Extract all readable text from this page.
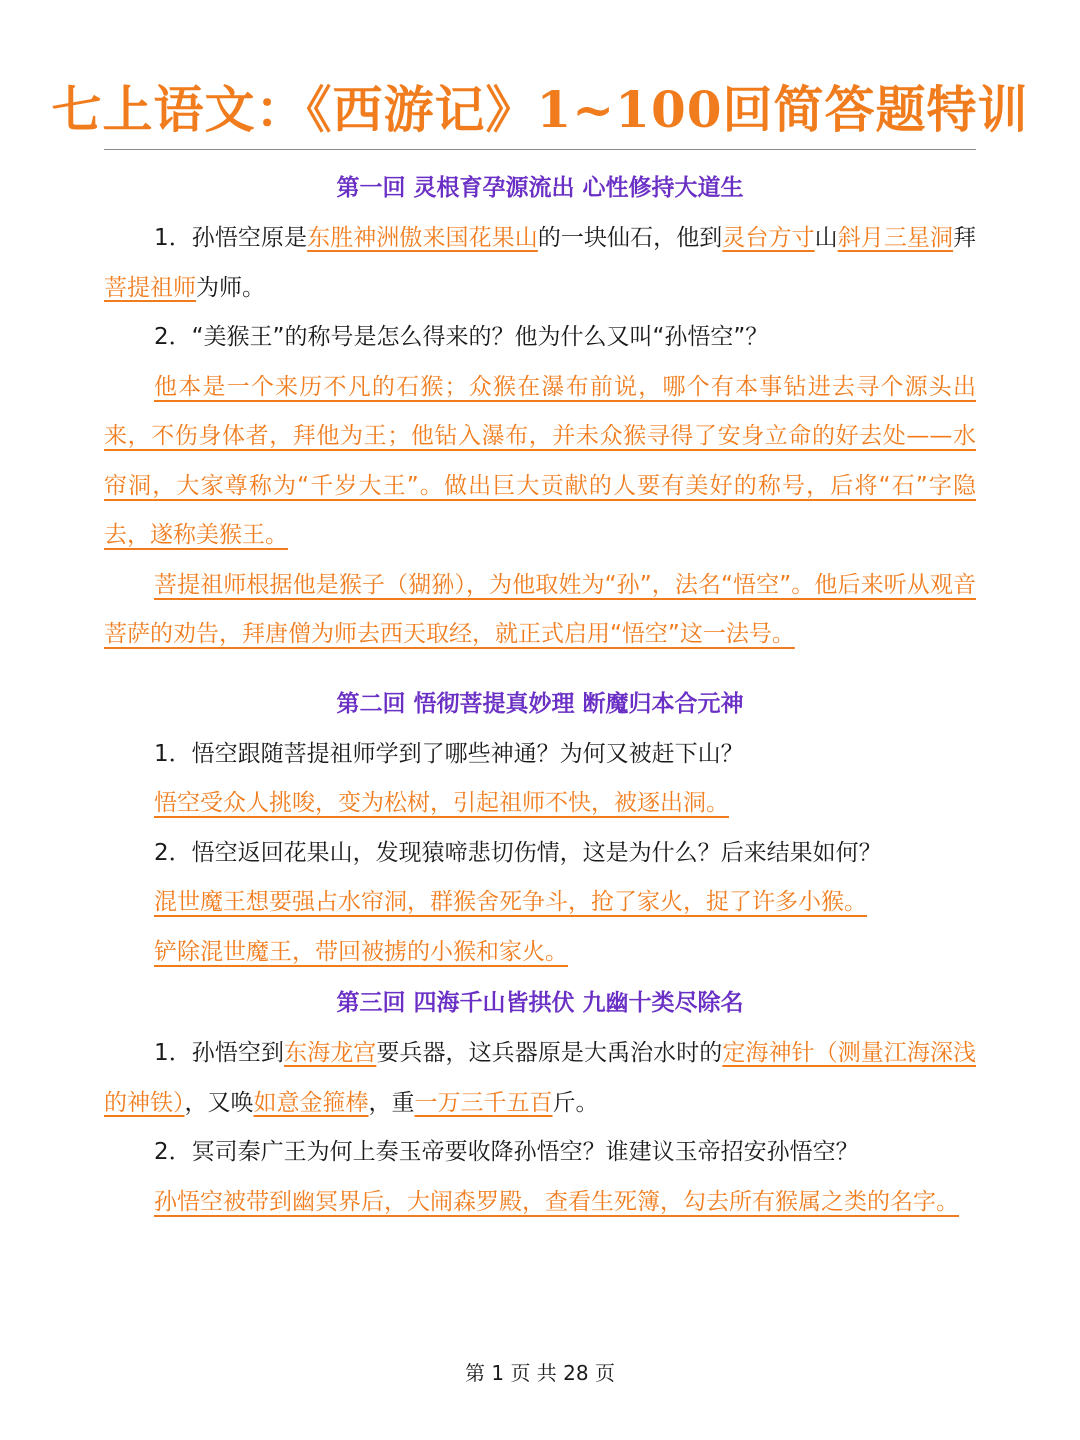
七上语文：《西游记》1~100回简答题特训

第一回 灵根育孕源流出 心性修持大道生

1．孙悟空原是东胜神洲傲来国花果山的一块仙石，他到灵台方寸山斜月三星洞拜菩提祖师为师。

2．“美猴王”的称号是怎么得来的？他为什么又叫“孙悟空”？

他本是一个来历不凡的石猴；众猴在瀑布前说，哪个有本事钻进去寻个源头出来，不伤身体者，拜他为王；他钻入瀑布，并未众猴寻得了安身立命的好去处——水帘洞，大家尊称为“千岁大王”。做出巨大贡献的人要有美好的称号，后将“石”字隐去，遂称美猴王。

菩提祖师根据他是猴子（猢狲），为他取姓为“孙”，法名“悟空”。他后来听从观音菩萨的劝告，拜唐僧为师去西天取经，就正式启用“悟空”这一法号。

第二回 悟彻菩提真妙理 断魔归本合元神

1．悟空跟随菩提祖师学到了哪些神通？为何又被赶下山？

悟空受众人挑唆，变为松树，引起祖师不快，被逐出洞。

2．悟空返回花果山，发现猿啼悲切伤情，这是为什么？后来结果如何？

混世魔王想要强占水帘洞，群猴舍死争斗，抢了家火，捉了许多小猴。

铲除混世魔王，带回被掳的小猴和家火。

第三回 四海千山皆拱伏 九幽十类尽除名

1．孙悟空到东海龙宫要兵器，这兵器原是大禹治水时的定海神针（测量江海深浅的神铁），又唤如意金箍棒，重一万三千五百斤。

2．冥司秦广王为何上奏玉帝要收降孙悟空？谁建议玉帝招安孙悟空？

孙悟空被带到幽冥界后，大闹森罗殿，查看生死簿，勾去所有猴属之类的名字。

第 1 页 共 28 页
